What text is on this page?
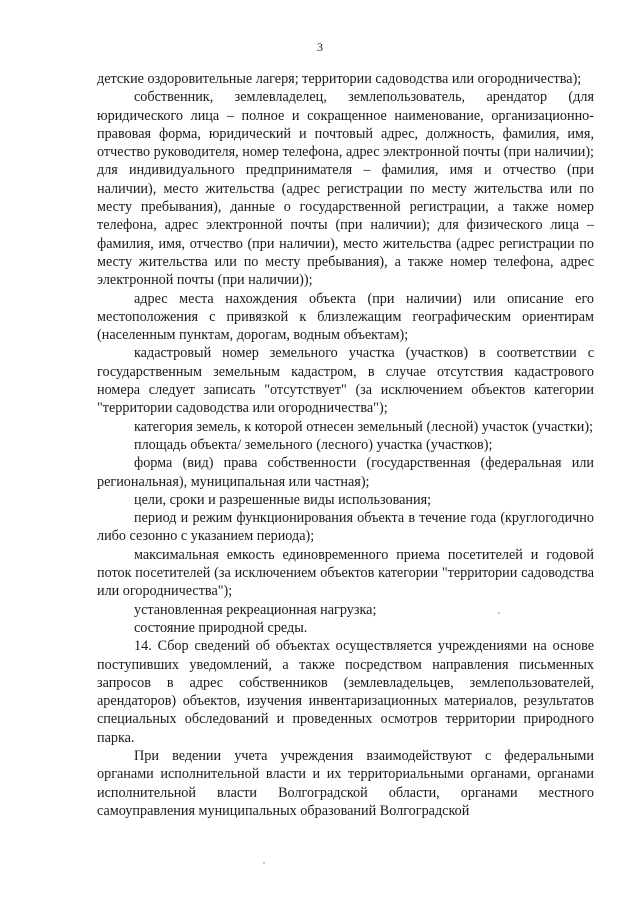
3

детские оздоровительные лагеря; территории садоводства или огородничества);

собственник, землевладелец, землепользователь, арендатор (для юридического лица – полное и сокращенное наименование, организационно-правовая форма, юридический и почтовый адрес, должность, фамилия, имя, отчество руководителя, номер телефона, адрес электронной почты (при наличии); для индивидуального предпринимателя – фамилия, имя и отчество (при наличии), место жительства (адрес регистрации по месту жительства или по месту пребывания), данные о государственной регистрации, а также номер телефона, адрес электронной почты (при наличии); для физического лица – фамилия, имя, отчество (при наличии), место жительства (адрес регистрации по месту жительства или по месту пребывания), а также номер телефона, адрес электронной почты (при наличии));

адрес места нахождения объекта (при наличии) или описание его местоположения с привязкой к близлежащим географическим ориентирам (населенным пунктам, дорогам, водным объектам);

кадастровый номер земельного участка (участков) в соответствии с государственным земельным кадастром, в случае отсутствия кадастрового номера следует записать "отсутствует" (за исключением объектов категории "территории садоводства или огородничества");

категория земель, к которой отнесен земельный (лесной) участок (участки);

площадь объекта/ земельного (лесного) участка (участков);

форма (вид) права собственности (государственная (федеральная или региональная), муниципальная или частная);

цели, сроки и разрешенные виды использования;

период и режим функционирования объекта в течение года (круглогодично либо сезонно с указанием периода);

максимальная емкость единовременного приема посетителей и годовой поток посетителей (за исключением объектов категории "территории садоводства или огородничества");

установленная рекреационная нагрузка;

состояние природной среды.

14. Сбор сведений об объектах осуществляется учреждениями на основе поступивших уведомлений, а также посредством направления письменных запросов в адрес собственников (землевладельцев, землепользователей, арендаторов) объектов, изучения инвентаризационных материалов, результатов специальных обследований и проведенных осмотров территории природного парка.

При ведении учета учреждения взаимодействуют с федеральными органами исполнительной власти и их территориальными органами, органами исполнительной власти Волгоградской области, органами местного самоуправления муниципальных образований Волгоградской
